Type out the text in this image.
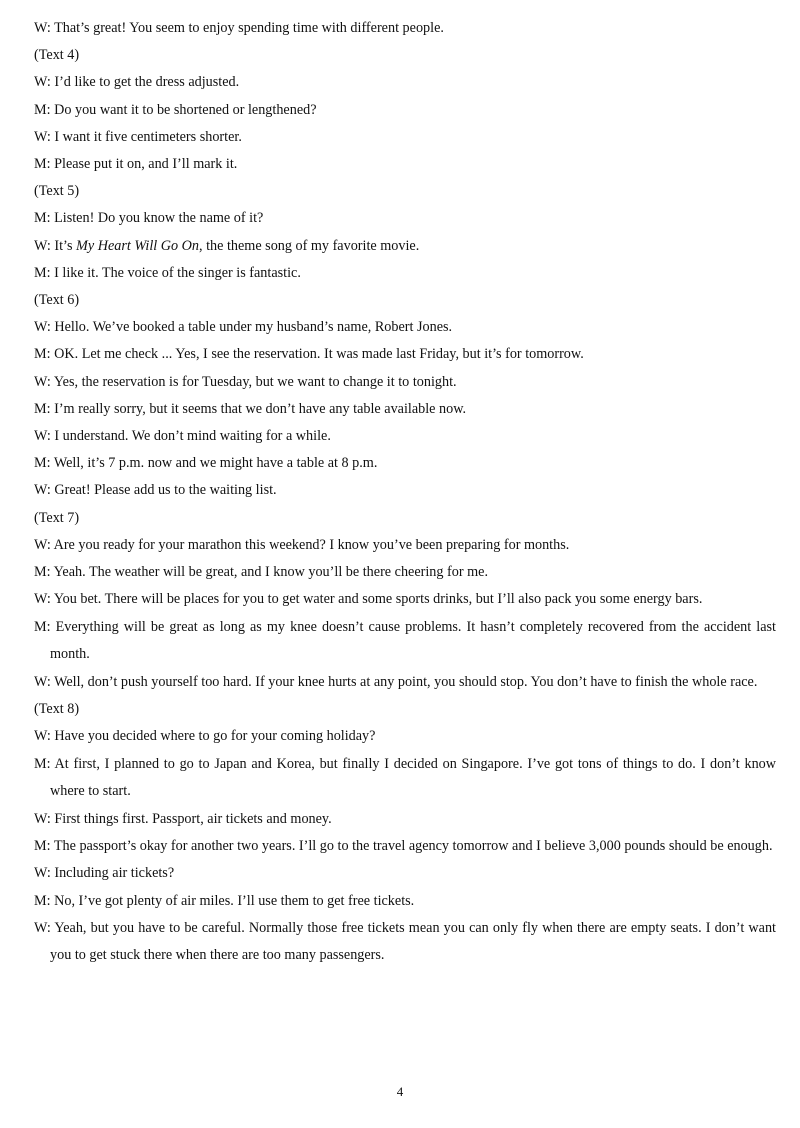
W: That’s great! You seem to enjoy spending time with different people.

(Text 4)

W: I’d like to get the dress adjusted.

M: Do you want it to be shortened or lengthened?

W: I want it five centimeters shorter.

M: Please put it on, and I’ll mark it.

(Text 5)

M: Listen! Do you know the name of it?

W: It’s My Heart Will Go On, the theme song of my favorite movie.

M: I like it. The voice of the singer is fantastic.

(Text 6)

W: Hello. We’ve booked a table under my husband’s name, Robert Jones.

M: OK. Let me check ... Yes, I see the reservation. It was made last Friday, but it’s for tomorrow.

W: Yes, the reservation is for Tuesday, but we want to change it to tonight.

M: I’m really sorry, but it seems that we don’t have any table available now.

W: I understand. We don’t mind waiting for a while.

M: Well, it’s 7 p.m. now and we might have a table at 8 p.m.

W: Great! Please add us to the waiting list.

(Text 7)

W: Are you ready for your marathon this weekend? I know you’ve been preparing for months.

M: Yeah. The weather will be great, and I know you’ll be there cheering for me.

W: You bet. There will be places for you to get water and some sports drinks, but I’ll also pack you some energy bars.

M: Everything will be great as long as my knee doesn’t cause problems. It hasn’t completely recovered from the accident last month.

W: Well, don’t push yourself too hard. If your knee hurts at any point, you should stop. You don’t have to finish the whole race.

(Text 8)

W: Have you decided where to go for your coming holiday?

M: At first, I planned to go to Japan and Korea, but finally I decided on Singapore. I’ve got tons of things to do. I don’t know where to start.

W: First things first. Passport, air tickets and money.

M: The passport’s okay for another two years. I’ll go to the travel agency tomorrow and I believe 3,000 pounds should be enough.

W: Including air tickets?

M: No, I’ve got plenty of air miles. I’ll use them to get free tickets.

W: Yeah, but you have to be careful. Normally those free tickets mean you can only fly when there are empty seats. I don’t want you to get stuck there when there are too many passengers.

4
